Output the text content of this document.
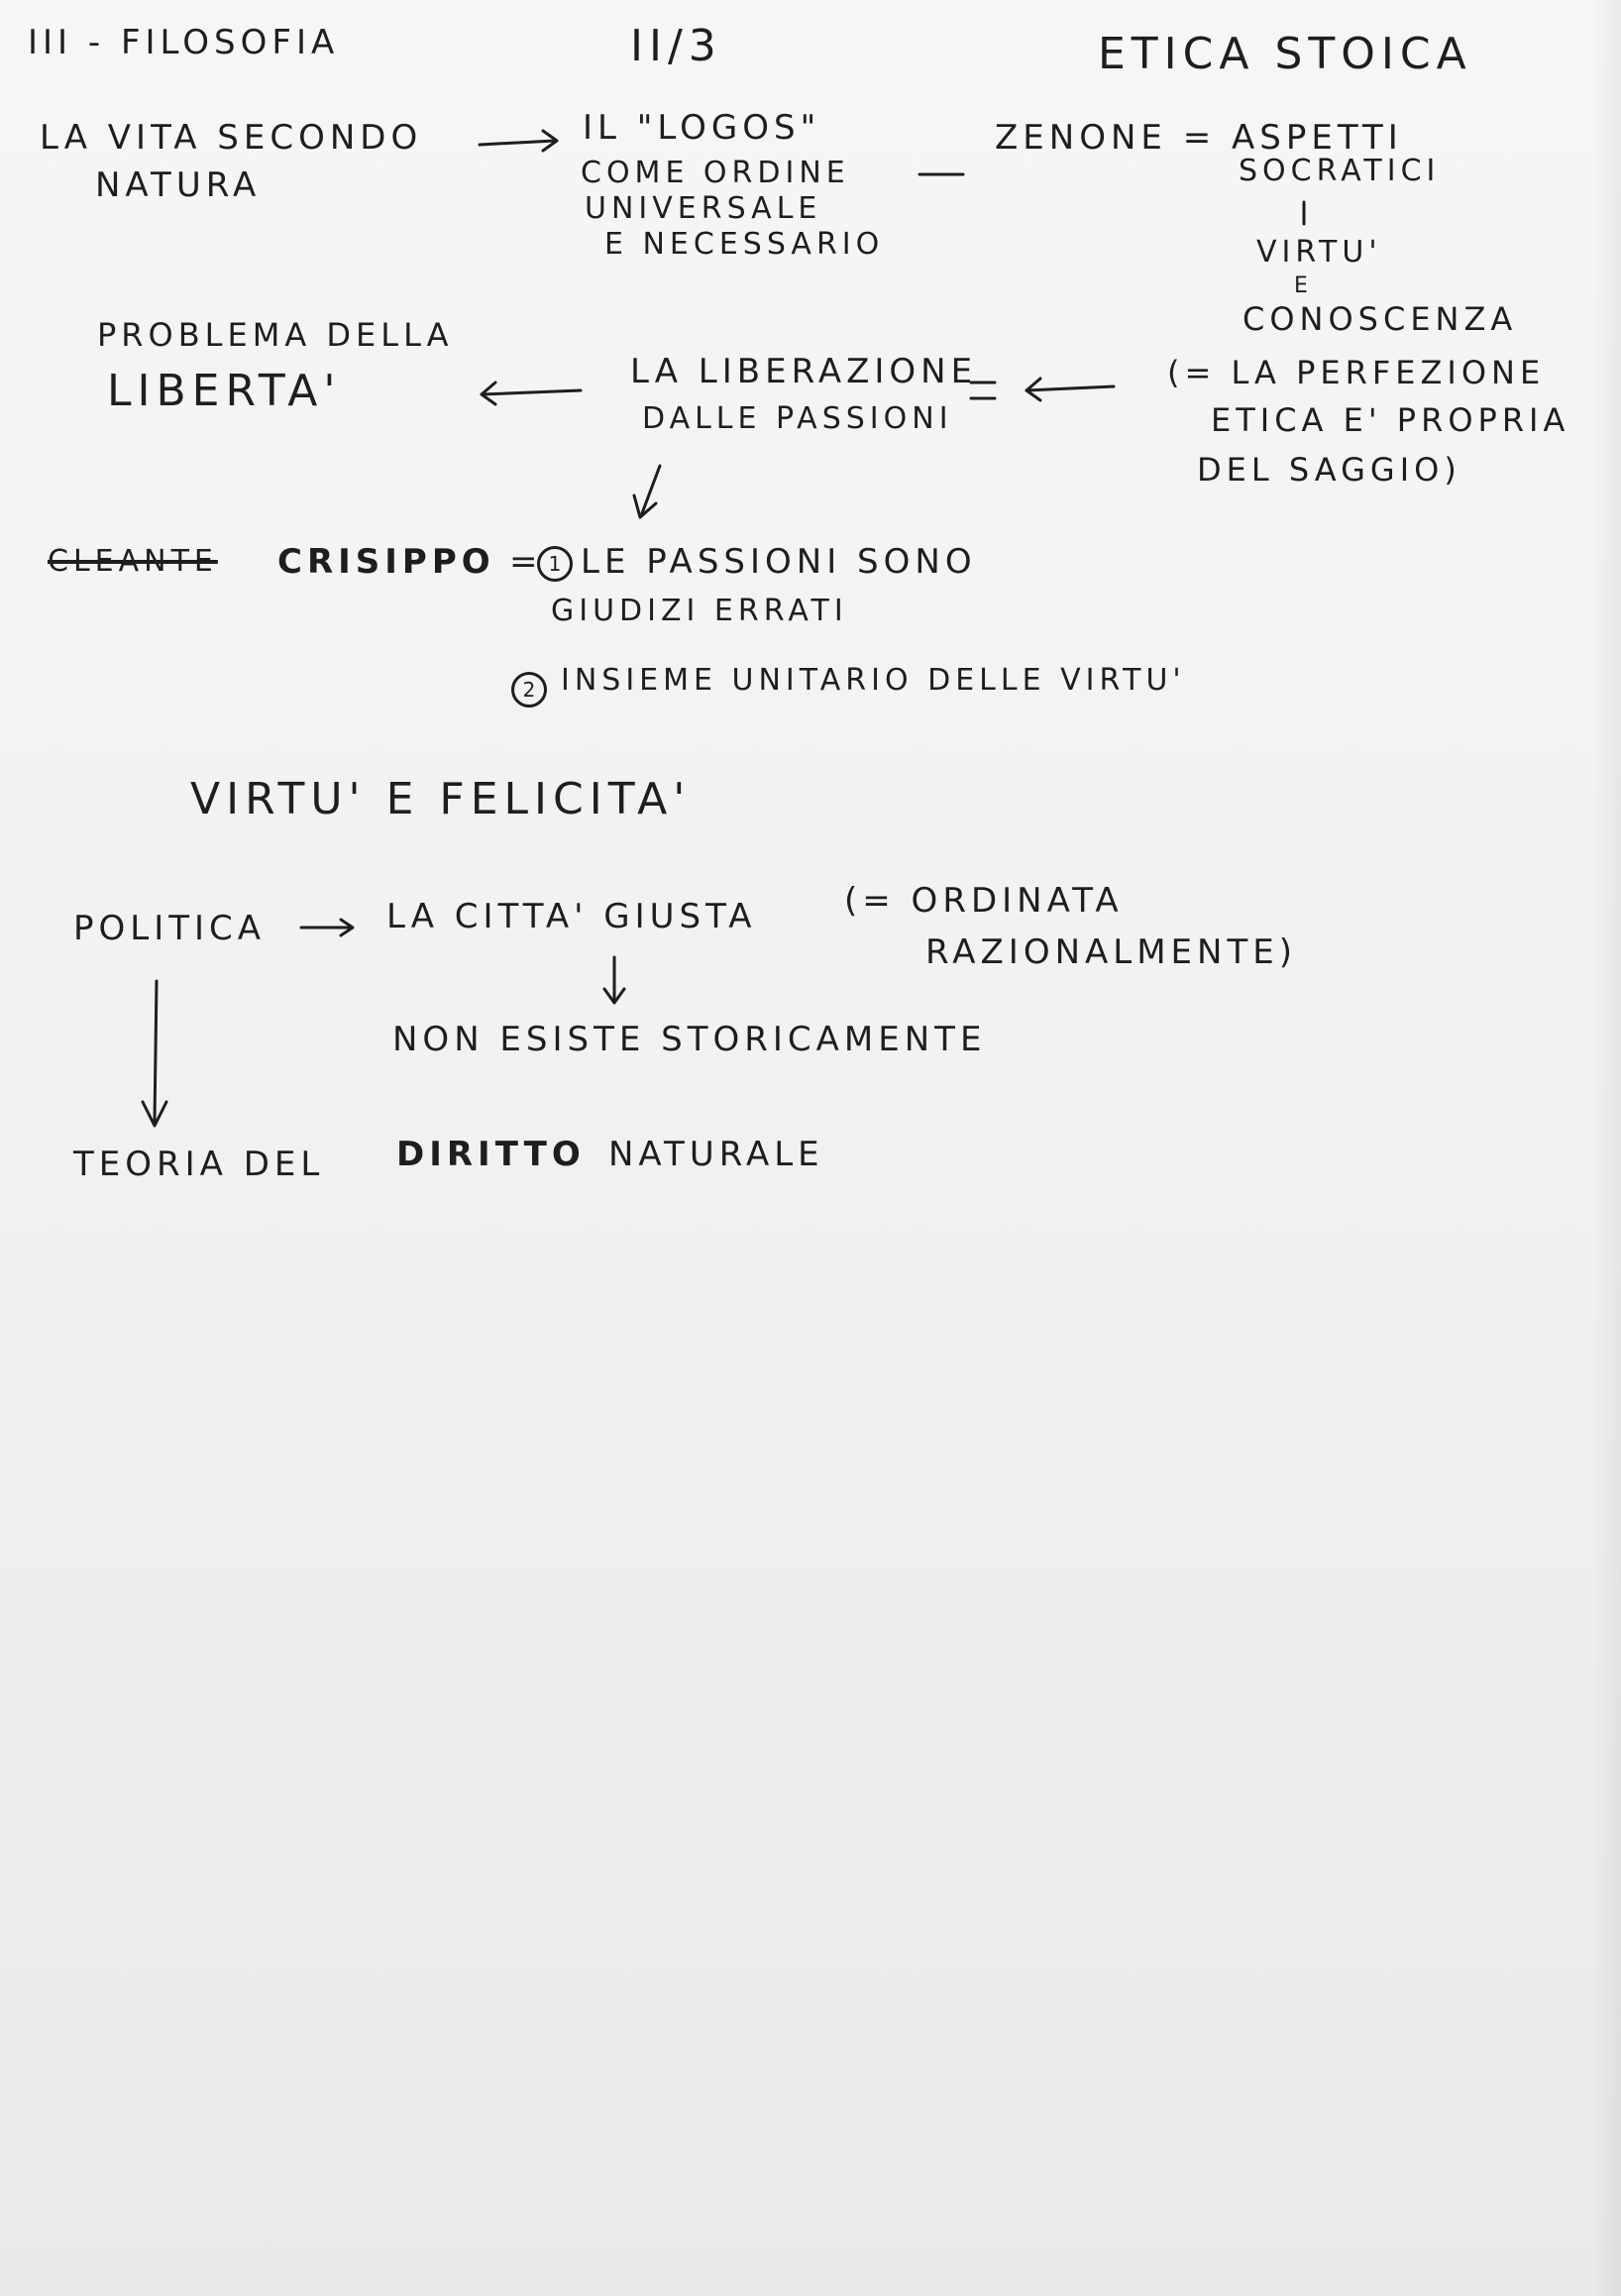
III - FILOSOFIA	II/3	ETICA STOICA
LA VITA SECONDO
NATURA
IL "LOGOS"
COME ORDINE
UNIVERSALE
E NECESSARIO
ZENONE = ASPETTI
SOCRATICI
VIRTU'
E
CONOSCENZA
PROBLEMA DELLA
LIBERTA'	LA LIBERAZIONE
DALLE PASSIONI
(= LA PERFEZIONE
ETICA E' PROPRIA
DEL SAGGIO)
CLEANTE CRISIPPO = 1 LE PASSIONI SONO
GIUDIZI ERRATI
2 INSIEME UNITARIO DELLE VIRTU'
VIRTU' E FELICITA'
POLITICA	LA CITTA' GIUSTA	(= ORDINATA
RAZIONALMENTE)
NON ESISTE STORICAMENTE
TEORIA DEL DIRITTO NATURALE
